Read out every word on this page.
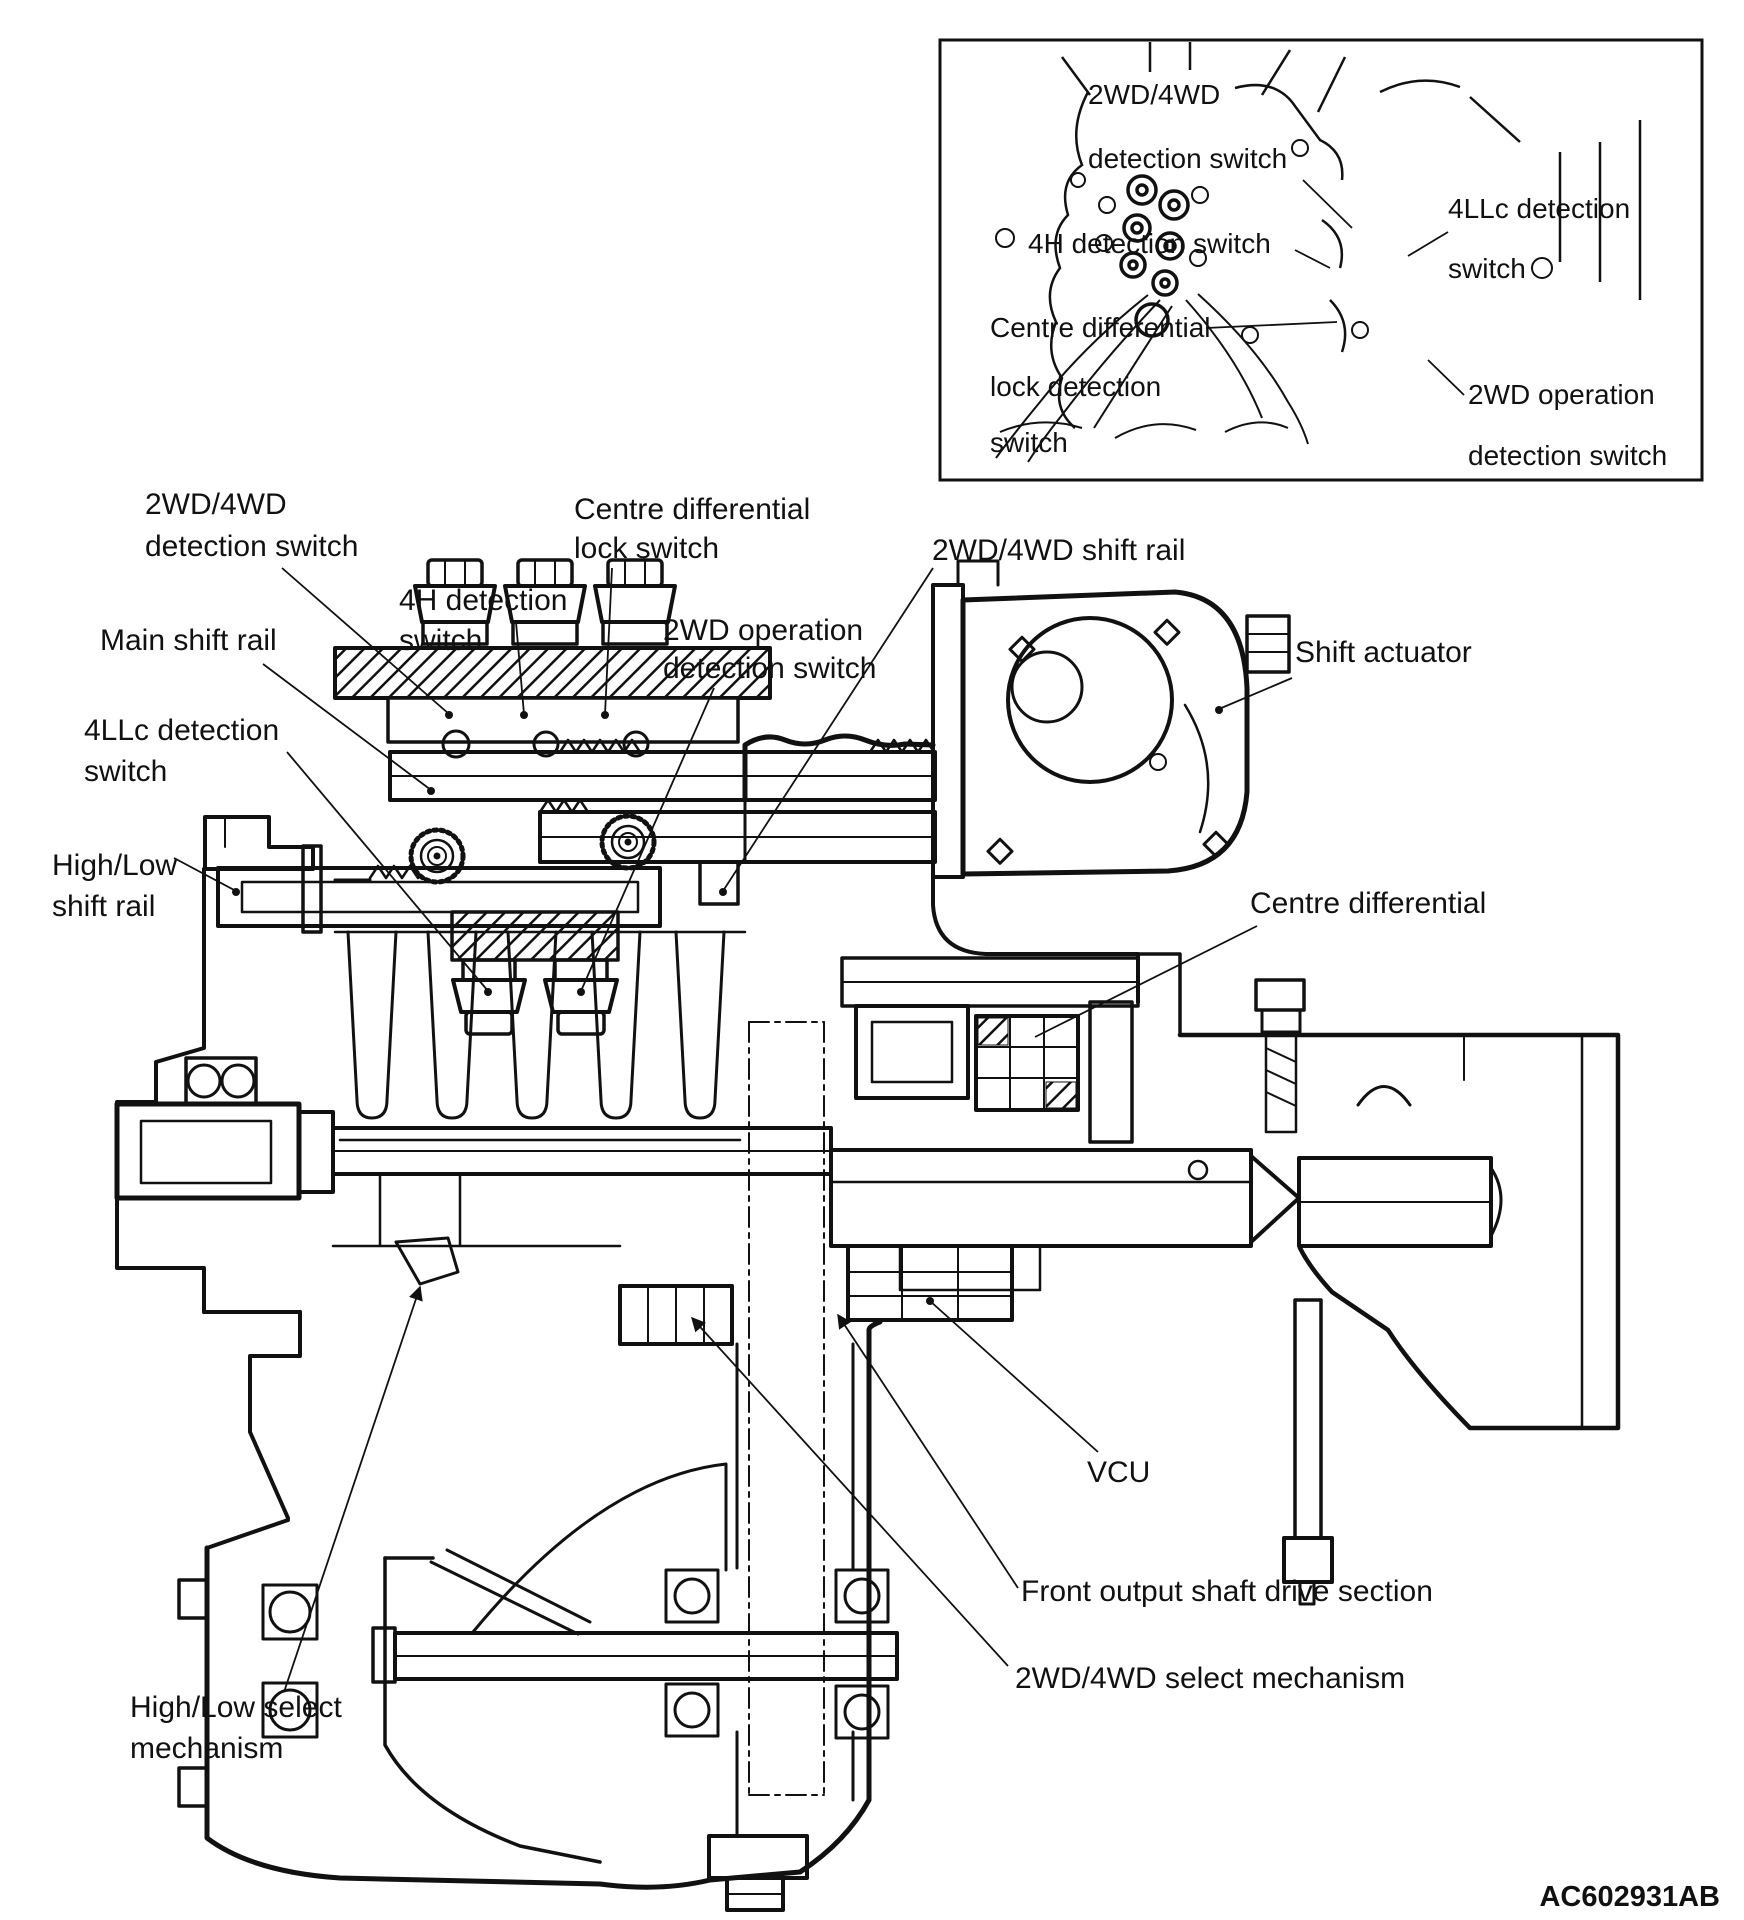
2WD/4WD
detection switch
4H detection switch
Centre differential
lock detection
switch
4LLc detection
switch
2WD operation
detection switch
2WD/4WD
detection switch
Centre differential
lock switch
Main shift rail
4H detection
switch	2WD operation
detection switch
2WD/4WD shift rail
4LLc detection
switch
High/Low
shift rail
Shift actuator
Centre differential
VCU
Front output shaft drive section
2WD/4WD select mechanism
High/Low select
mechanism
AC602931AB
